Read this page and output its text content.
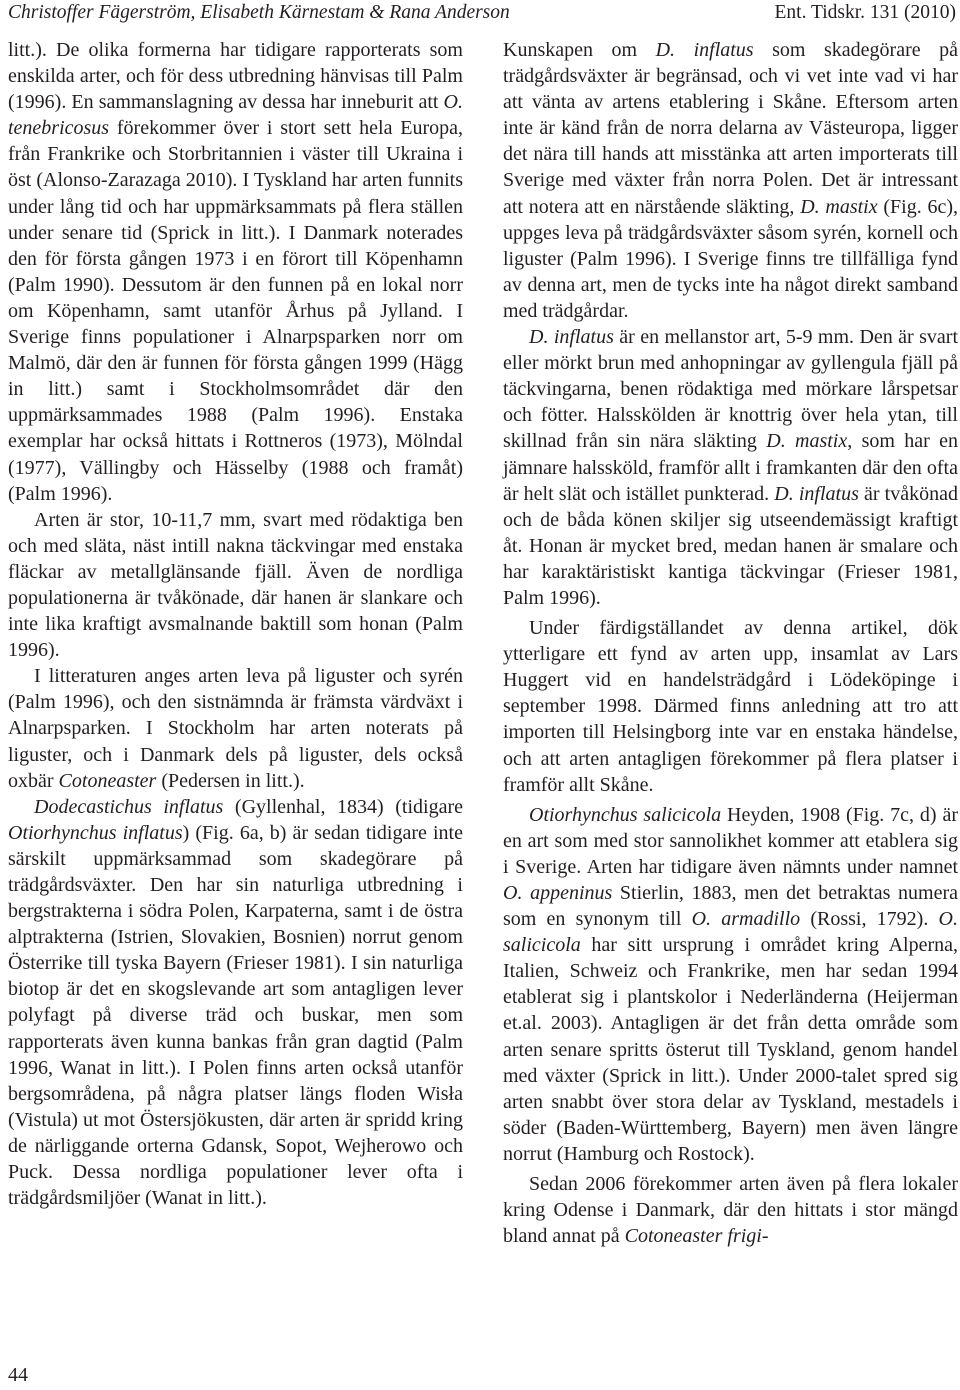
Christoffer Fägerström, Elisabeth Kärnestam & Rana Anderson	Ent. Tidskr. 131 (2010)

litt.). De olika formerna har tidigare rapporterats som enskilda arter, och för dess utbredning hänvisas till Palm (1996). En sammanslagning av dessa har inneburit att O. tenebricosus förekommer över i stort sett hela Europa, från Frankrike och Storbritannien i väster till Ukraina i öst (Alonso-Zarazaga 2010). I Tyskland har arten funnits under lång tid och har uppmärksammats på flera ställen under senare tid (Sprick in litt.). I Danmark noterades den för första gången 1973 i en förort till Köpenhamn (Palm 1990). Dessutom är den funnen på en lokal norr om Köpenhamn, samt utanför Århus på Jylland. I Sverige finns populationer i Alnarpsparken norr om Malmö, där den är funnen för första gången 1999 (Hägg in litt.) samt i Stockholmsområdet där den uppmärksammades 1988 (Palm 1996). Enstaka exemplar har också hittats i Rottneros (1973), Mölndal (1977), Vällingby och Hässelby (1988 och framåt) (Palm 1996).

Arten är stor, 10-11,7 mm, svart med rödaktiga ben och med släta, näst intill nakna täckvingar med enstaka fläckar av metallglänsande fjäll. Även de nordliga populationerna är tvåkönade, där hanen är slankare och inte lika kraftigt avsmalnande baktill som honan (Palm 1996).

I litteraturen anges arten leva på liguster och syrén (Palm 1996), och den sistnämnda är främsta värdväxt i Alnarpsparken. I Stockholm har arten noterats på liguster, och i Danmark dels på liguster, dels också oxbär Cotoneaster (Pedersen in litt.).

Dodecastichus inflatus (Gyllenhal, 1834) (tidigare Otiorhynchus inflatus) (Fig. 6a, b) är sedan tidigare inte särskilt uppmärksammad som skadegörare på trädgårdsväxter. Den har sin naturliga utbredning i bergstrakterna i södra Polen, Karpaterna, samt i de östra alptrakterna (Istrien, Slovakien, Bosnien) norrut genom Österrike till tyska Bayern (Frieser 1981). I sin naturliga biotop är det en skogslevande art som antagligen lever polyfagt på diverse träd och buskar, men som rapporterats även kunna bankas från gran dagtid (Palm 1996, Wanat in litt.). I Polen finns arten också utanför bergsområdena, på några platser längs floden Wisła (Vistula) ut mot Östersjökusten, där arten är spridd kring de närliggande orterna Gdansk, Sopot, Wejherowo och Puck. Dessa nordliga populationer lever ofta i trädgårdsmiljöer (Wanat in litt.).

Kunskapen om D. inflatus som skadegörare på trädgårdsväxter är begränsad, och vi vet inte vad vi har att vänta av artens etablering i Skåne. Eftersom arten inte är känd från de norra delarna av Västeuropa, ligger det nära till hands att misstänka att arten importerats till Sverige med växter från norra Polen. Det är intressant att notera att en närstående släkting, D. mastix (Fig. 6c), uppges leva på trädgårdsväxter såsom syrén, kornell och liguster (Palm 1996). I Sverige finns tre tillfälliga fynd av denna art, men de tycks inte ha något direkt samband med trädgårdar.

D. inflatus är en mellanstor art, 5-9 mm. Den är svart eller mörkt brun med anhopningar av gyllengula fjäll på täckvingarna, benen rödaktiga med mörkare lårspetsar och fötter. Halsskölden är knottrig över hela ytan, till skillnad från sin nära släkting D. mastix, som har en jämnare halssköld, framför allt i framkanten där den ofta är helt slät och istället punkterad. D. inflatus är tvåkönad och de båda könen skiljer sig utseendemässigt kraftigt åt. Honan är mycket bred, medan hanen är smalare och har karaktäristiskt kantiga täckvingar (Frieser 1981, Palm 1996).

Under färdigställandet av denna artikel, dök ytterligare ett fynd av arten upp, insamlat av Lars Huggert vid en handelsträdgård i Lödeköpinge i september 1998. Därmed finns anledning att tro att importen till Helsingborg inte var en enstaka händelse, och att arten antagligen förekommer på flera platser i framför allt Skåne.

Otiorhynchus salicicola Heyden, 1908 (Fig. 7c, d) är en art som med stor sannolikhet kommer att etablera sig i Sverige. Arten har tidigare även nämnts under namnet O. appeninus Stierlin, 1883, men det betraktas numera som en synonym till O. armadillo (Rossi, 1792). O. salicicola har sitt ursprung i området kring Alperna, Italien, Schweiz och Frankrike, men har sedan 1994 etablerat sig i plantskolor i Nederländerna (Heijerman et.al. 2003). Antagligen är det från detta område som arten senare spritts österut till Tyskland, genom handel med växter (Sprick in litt.). Under 2000-talet spred sig arten snabbt över stora delar av Tyskland, mestadels i söder (Baden-Württemberg, Bayern) men även längre norrut (Hamburg och Rostock).

Sedan 2006 förekommer arten även på flera lokaler kring Odense i Danmark, där den hittats i stor mängd bland annat på Cotoneaster frigi-

44
